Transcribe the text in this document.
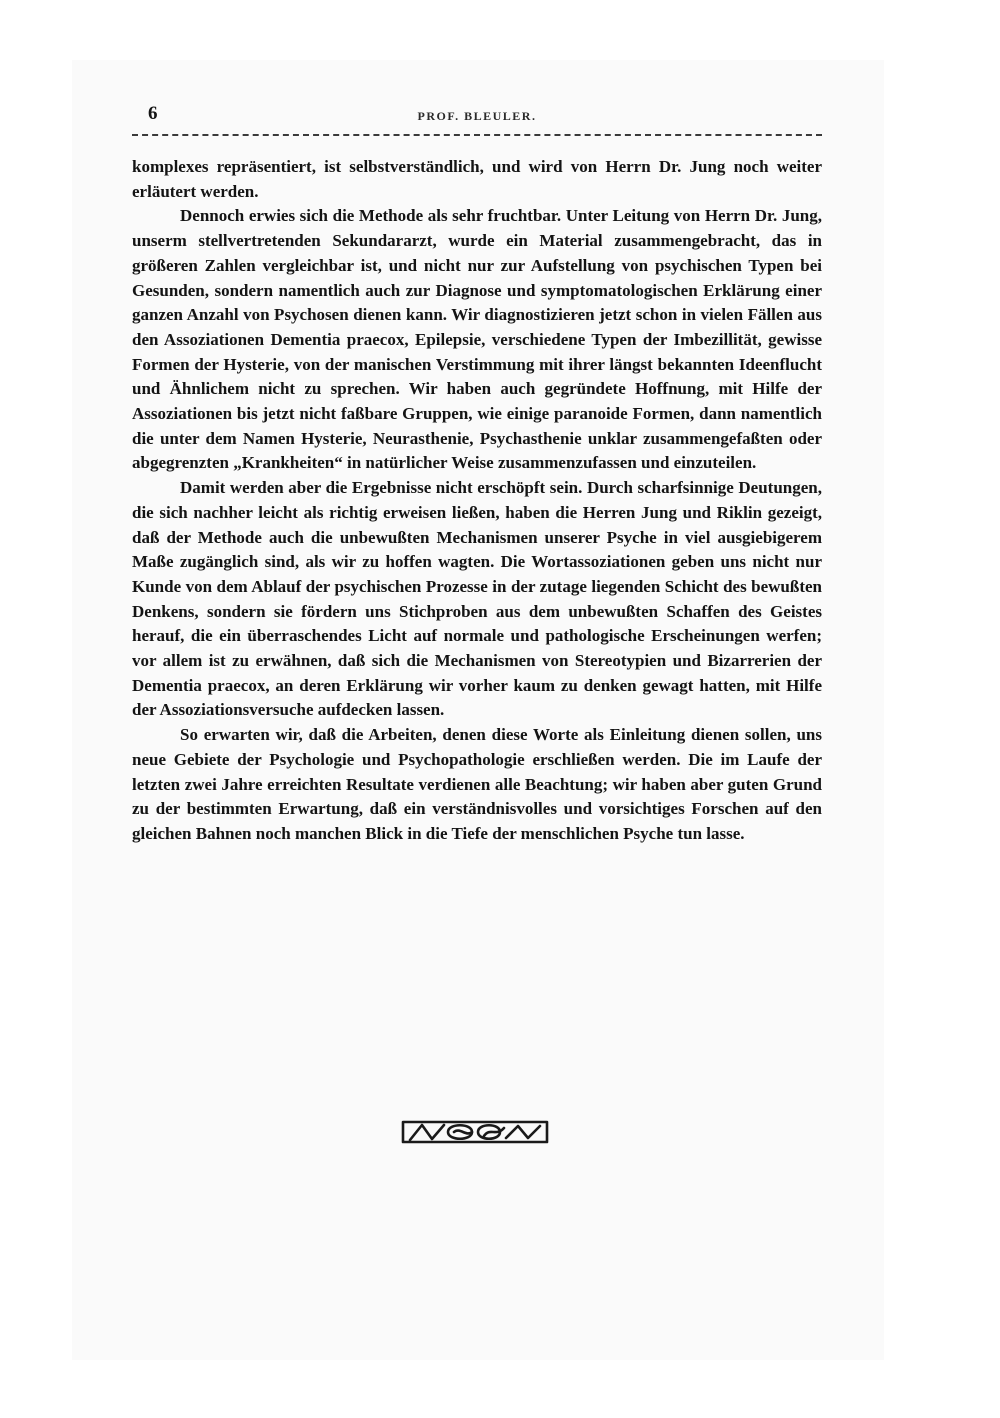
6	PROF. BLEULER.

komplexes repräsentiert, ist selbstverständlich, und wird von Herrn Dr. Jung noch weiter erläutert werden.

Dennoch erwies sich die Methode als sehr fruchtbar. Unter Leitung von Herrn Dr. Jung, unserm stellvertretenden Sekundararzt, wurde ein Material zusammengebracht, das in größeren Zahlen vergleichbar ist, und nicht nur zur Aufstellung von psychischen Typen bei Gesunden, sondern namentlich auch zur Diagnose und symptomatologischen Erklärung einer ganzen Anzahl von Psychosen dienen kann. Wir diagnostizieren jetzt schon in vielen Fällen aus den Assoziationen Dementia praecox, Epilepsie, verschiedene Typen der Imbezillität, gewisse Formen der Hysterie, von der manischen Verstimmung mit ihrer längst bekannten Ideenflucht und Ähnlichem nicht zu sprechen. Wir haben auch gegründete Hoffnung, mit Hilfe der Assoziationen bis jetzt nicht faßbare Gruppen, wie einige paranoide Formen, dann namentlich die unter dem Namen Hysterie, Neurasthenie, Psychasthenie unklar zusammengefaßten oder abgegrenzten „Krankheiten“ in natürlicher Weise zusammenzufassen und einzuteilen.

Damit werden aber die Ergebnisse nicht erschöpft sein. Durch scharfsinnige Deutungen, die sich nachher leicht als richtig erweisen ließen, haben die Herren Jung und Riklin gezeigt, daß der Methode auch die unbewußten Mechanismen unserer Psyche in viel ausgiebigerem Maße zugänglich sind, als wir zu hoffen wagten. Die Wortassoziationen geben uns nicht nur Kunde von dem Ablauf der psychischen Prozesse in der zutage liegenden Schicht des bewußten Denkens, sondern sie fördern uns Stichproben aus dem unbewußten Schaffen des Geistes herauf, die ein überraschendes Licht auf normale und pathologische Erscheinungen werfen; vor allem ist zu erwähnen, daß sich die Mechanismen von Stereotypien und Bizarrerien der Dementia praecox, an deren Erklärung wir vorher kaum zu denken gewagt hatten, mit Hilfe der Assoziationsversuche aufdecken lassen.

So erwarten wir, daß die Arbeiten, denen diese Worte als Einleitung dienen sollen, uns neue Gebiete der Psychologie und Psychopathologie erschließen werden. Die im Laufe der letzten zwei Jahre erreichten Resultate verdienen alle Beachtung; wir haben aber guten Grund zu der bestimmten Erwartung, daß ein verständnisvolles und vorsichtiges Forschen auf den gleichen Bahnen noch manchen Blick in die Tiefe der menschlichen Psyche tun lasse.
